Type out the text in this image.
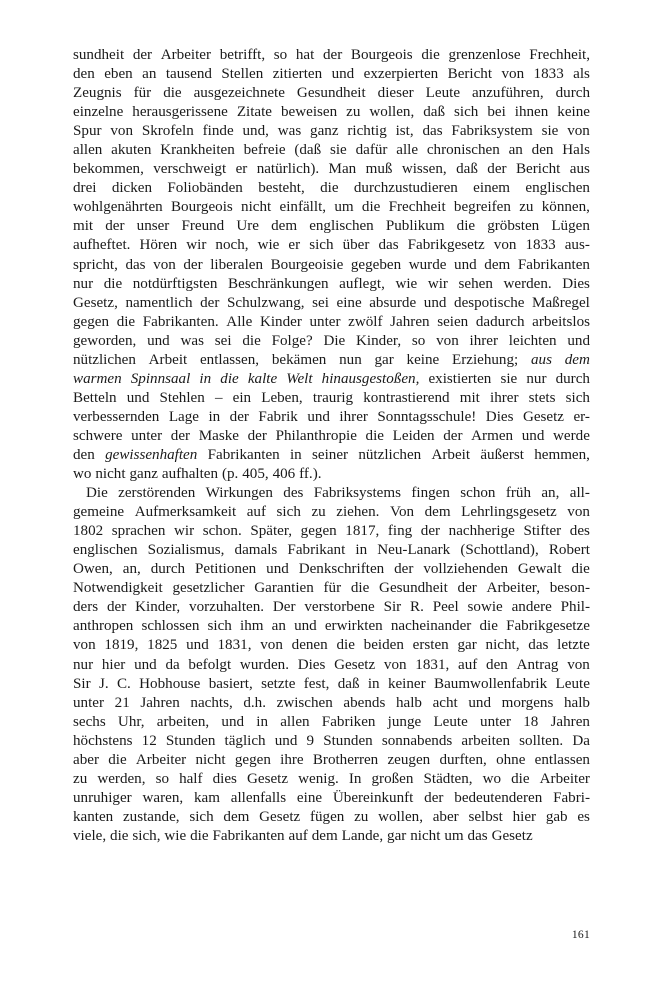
sundheit der Arbeiter betrifft, so hat der Bourgeois die grenzenlose Frechheit,
den eben an tausend Stellen zitierten und exzerpierten Bericht von 1833 als
Zeugnis für die ausgezeichnete Gesundheit dieser Leute anzuführen, durch
einzelne herausgerissene Zitate beweisen zu wollen, daß sich bei ihnen keine
Spur von Skrofeln finde und, was ganz richtig ist, das Fabriksystem sie von
allen akuten Krankheiten befreie (daß sie dafür alle chronischen an den Hals
bekommen, verschweigt er natürlich). Man muß wissen, daß der Bericht aus
drei dicken Foliobänden besteht, die durchzustudieren einem englischen
wohlgenährten Bourgeois nicht einfällt, um die Frechheit begreifen zu können,
mit der unser Freund Ure dem englischen Publikum die gröbsten Lügen
aufheftet. Hören wir noch, wie er sich über das Fabrikgesetz von 1833 aus-
spricht, das von der liberalen Bourgeoisie gegeben wurde und dem Fabrikanten
nur die notdürftigsten Beschränkungen auflegt, wie wir sehen werden. Dies
Gesetz, namentlich der Schulzwang, sei eine absurde und despotische Maßregel
gegen die Fabrikanten. Alle Kinder unter zwölf Jahren seien dadurch arbeitslos
geworden, und was sei die Folge? Die Kinder, so von ihrer leichten und
nützlichen Arbeit entlassen, bekämen nun gar keine Erziehung; aus dem
warmen Spinnsaal in die kalte Welt hinausgestoßen, existierten sie nur durch
Betteln und Stehlen – ein Leben, traurig kontrastierend mit ihrer stets sich
verbessernden Lage in der Fabrik und ihrer Sonntagsschule! Dies Gesetz er-
schwere unter der Maske der Philanthropie die Leiden der Armen und werde
den gewissenhaften Fabrikanten in seiner nützlichen Arbeit äußerst hemmen,
wo nicht ganz aufhalten (p. 405, 406 ff.).
Die zerstörenden Wirkungen des Fabriksystems fingen schon früh an, all-
gemeine Aufmerksamkeit auf sich zu ziehen. Von dem Lehrlingsgesetz von
1802 sprachen wir schon. Später, gegen 1817, fing der nachherige Stifter des
englischen Sozialismus, damals Fabrikant in Neu-Lanark (Schottland), Robert
Owen, an, durch Petitionen und Denkschriften der vollziehenden Gewalt die
Notwendigkeit gesetzlicher Garantien für die Gesundheit der Arbeiter, beson-
ders der Kinder, vorzuhalten. Der verstorbene Sir R. Peel sowie andere Phil-
anthropen schlossen sich ihm an und erwirkten nacheinander die Fabrikgesetze
von 1819, 1825 und 1831, von denen die beiden ersten gar nicht, das letzte
nur hier und da befolgt wurden. Dies Gesetz von 1831, auf den Antrag von
Sir J. C. Hobhouse basiert, setzte fest, daß in keiner Baumwollenfabrik Leute
unter 21 Jahren nachts, d.h. zwischen abends halb acht und morgens halb
sechs Uhr, arbeiten, und in allen Fabriken junge Leute unter 18 Jahren
höchstens 12 Stunden täglich und 9 Stunden sonnabends arbeiten sollten. Da
aber die Arbeiter nicht gegen ihre Brotherren zeugen durften, ohne entlassen
zu werden, so half dies Gesetz wenig. In großen Städten, wo die Arbeiter
unruhiger waren, kam allenfalls eine Übereinkunft der bedeutenderen Fabri-
kanten zustande, sich dem Gesetz fügen zu wollen, aber selbst hier gab es
viele, die sich, wie die Fabrikanten auf dem Lande, gar nicht um das Gesetz
161
